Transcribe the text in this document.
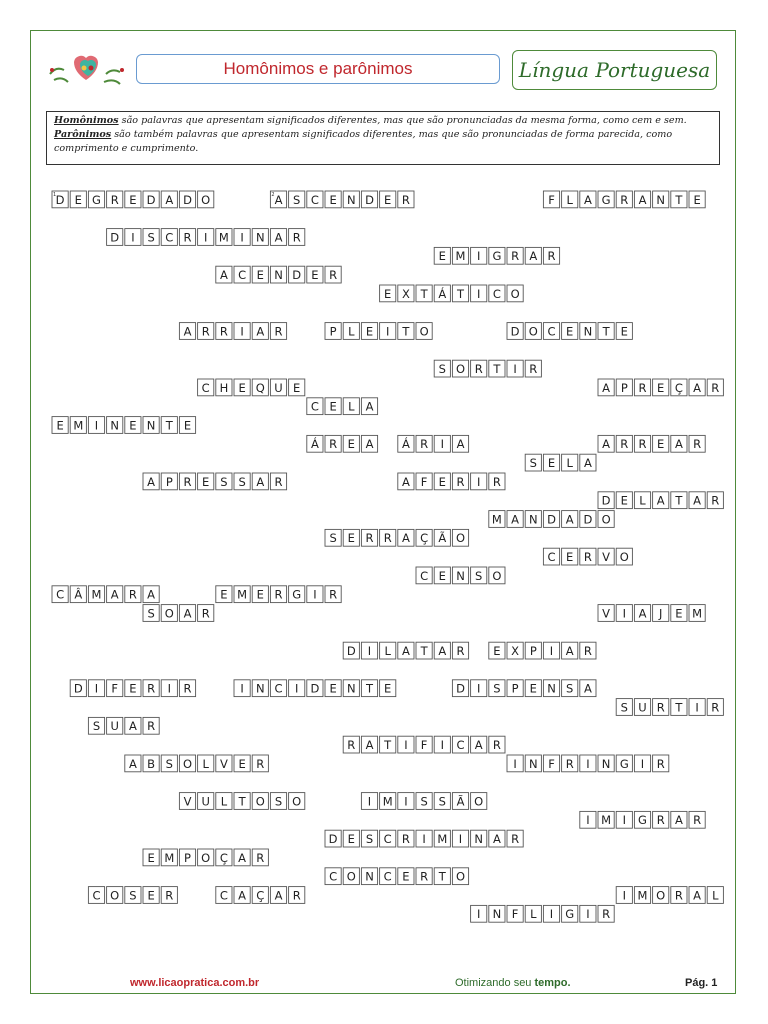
Homônimos e parônimos	Língua Portuguesa
Homônimos são palavras que apresentam significados diferentes, mas que são pronunciadas da mesma forma, como cem e sem.
Parônimos são também palavras que apresentam significados diferentes, mas que são pronunciadas de forma parecida, como comprimento e cumprimento.
D E G R E D A D O
1	A S C E N D E R
2	F L A G R A N T E
D I S C R I M I N A R
A C E N D E R
E M I G R A R
E X T Á T I C O
A R R I A R	P L E I T O	D O C E N T E
S O R T I R
C H E Q U E	A P R E Ç A R
C E L A
E M I N E N T E
Á R E A Á R I A	A R R E A R
S E L A
A P R E S S A R	A F E R I R
D E L A T A R
M A N D A D O
S E R R A Ç Ã O
C E R V O
C E N S O
C Â M A R A	E M E R G I R
S O A R	V I A J E M
D I L A T A R	E X P I A R
D I F E R I R	I N C I D E N T E	D I S P E N S A
S U R T I R
S U A R
R A T I F I C A R
A B S O L V E R	I N F R I N G I R
V U L T O S O	I M I S S Ã O
I M I G R A R
D E S C R I M I N A R
E M P O Ç A R
C O N C E R T O
C O S E R	C A Ç A R	I M O R A L
I N F L I G I R
www.licaopratica.com.br	Otimizando seu tempo.	Pág. 1
